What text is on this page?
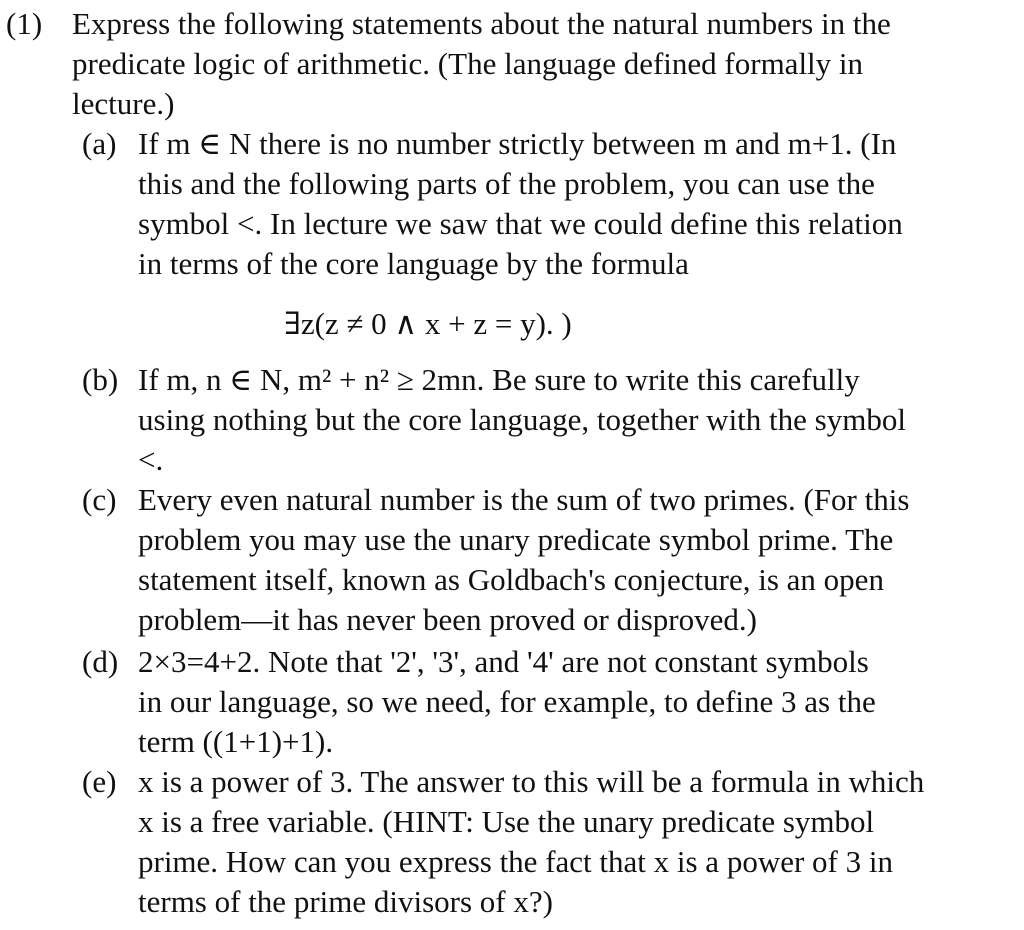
(1) Express the following statements about the natural numbers in the
predicate logic of arithmetic. (The language defined formally in
lecture.)
(a) If m ∈ N there is no number strictly between m and m+1. (In
this and the following parts of the problem, you can use the
symbol <. In lecture we saw that we could define this relation
in terms of the core language by the formula
∃z(z ≠ 0 ∧ x + z = y). )
(b) If m, n ∈ N, m² + n² ≥ 2mn. Be sure to write this carefully
using nothing but the core language, together with the symbol
<.
(c) Every even natural number is the sum of two primes. (For this
problem you may use the unary predicate symbol prime. The
statement itself, known as Goldbach's conjecture, is an open
problem—it has never been proved or disproved.)
(d) 2×3=4+2. Note that '2', '3', and '4' are not constant symbols
in our language, so we need, for example, to define 3 as the
term ((1+1)+1).
(e) x is a power of 3. The answer to this will be a formula in which
x is a free variable. (HINT: Use the unary predicate symbol
prime. How can you express the fact that x is a power of 3 in
terms of the prime divisors of x?)
